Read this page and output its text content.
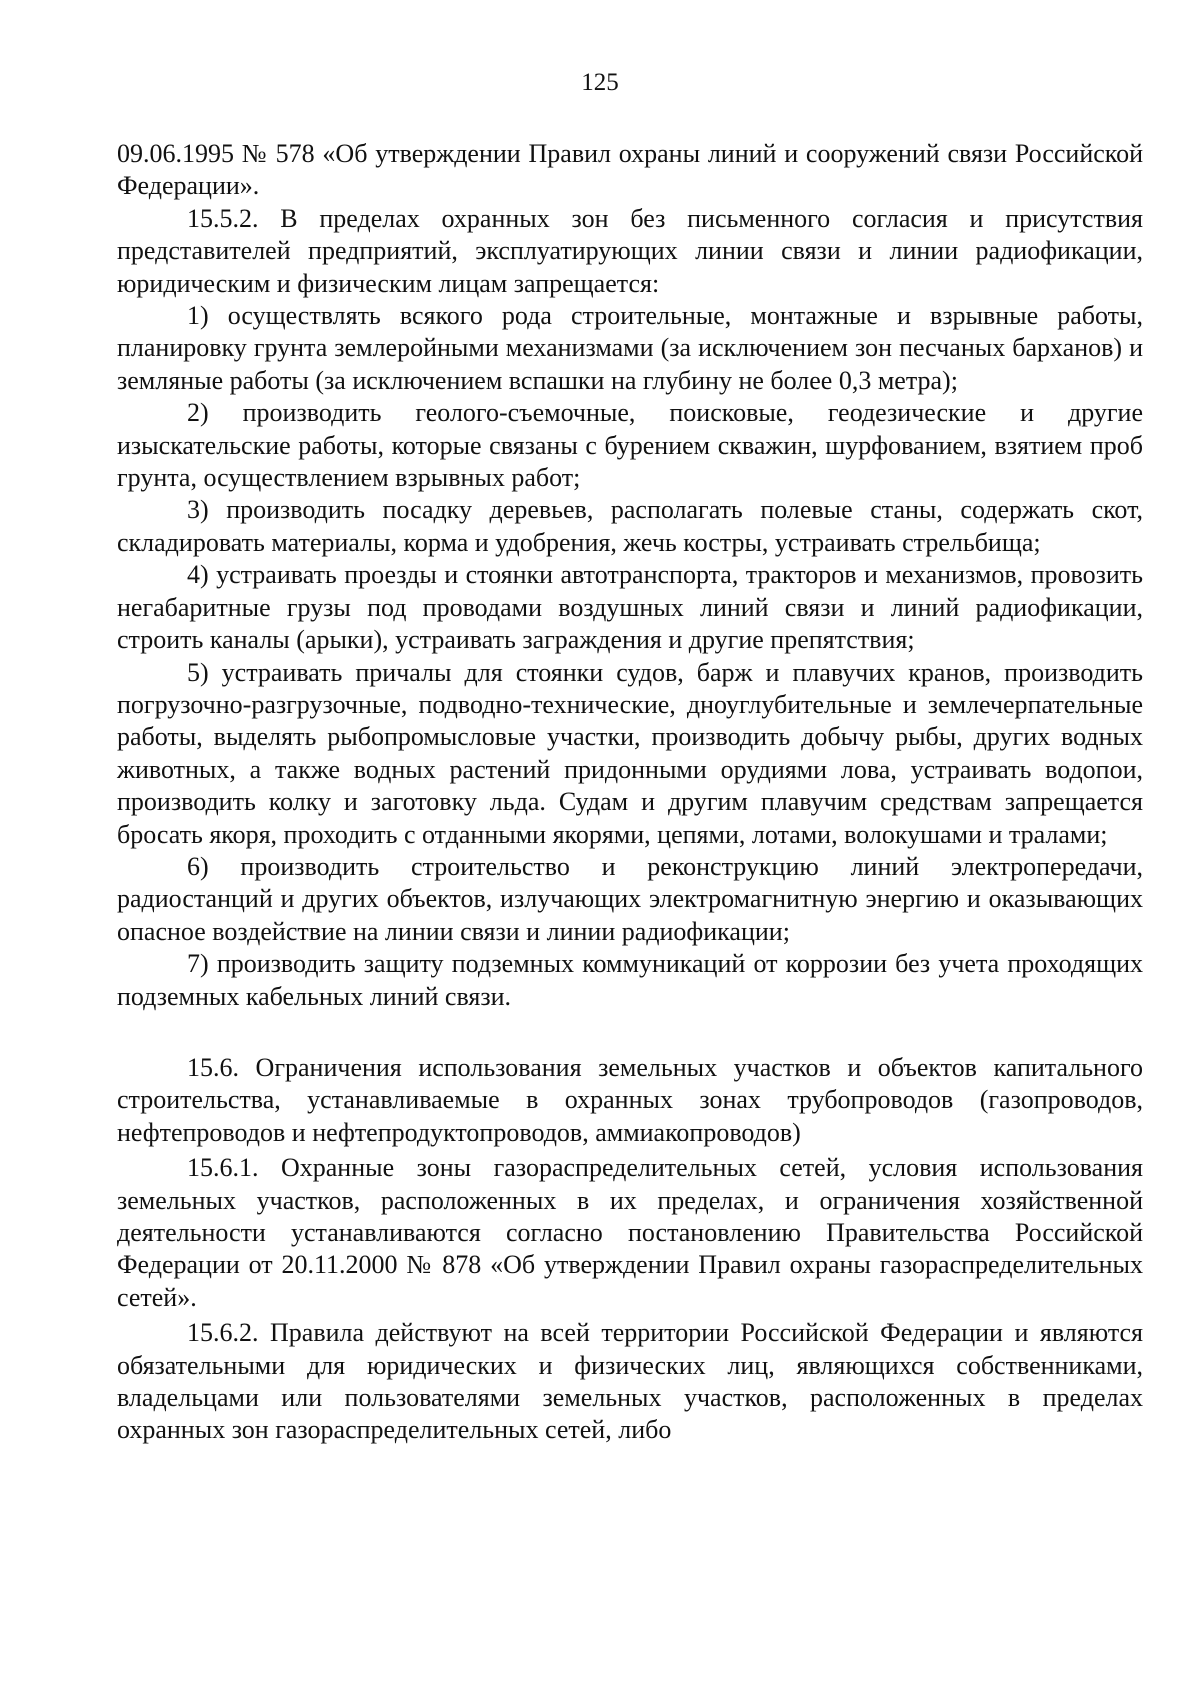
125

09.06.1995 № 578 «Об утверждении Правил охраны линий и сооружений связи Российской Федерации».

15.5.2. В пределах охранных зон без письменного согласия и присутствия представителей предприятий, эксплуатирующих линии связи и линии радиофикации, юридическим и физическим лицам запрещается:

1) осуществлять всякого рода строительные, монтажные и взрывные работы, планировку грунта землеройными механизмами (за исключением зон песчаных барханов) и земляные работы (за исключением вспашки на глубину не более 0,3 метра);

2) производить геолого-съемочные, поисковые, геодезические и другие изыскательские работы, которые связаны с бурением скважин, шурфованием, взятием проб грунта, осуществлением взрывных работ;

3) производить посадку деревьев, располагать полевые станы, содержать скот, складировать материалы, корма и удобрения, жечь костры, устраивать стрельбища;

4) устраивать проезды и стоянки автотранспорта, тракторов и механизмов, провозить негабаритные грузы под проводами воздушных линий связи и линий радиофикации, строить каналы (арыки), устраивать заграждения и другие препятствия;

5) устраивать причалы для стоянки судов, барж и плавучих кранов, производить погрузочно-разгрузочные, подводно-технические, дноуглубительные и землечерпательные работы, выделять рыбопромысловые участки, производить добычу рыбы, других водных животных, а также водных растений придонными орудиями лова, устраивать водопои, производить колку и заготовку льда. Судам и другим плавучим средствам запрещается бросать якоря, проходить с отданными якорями, цепями, лотами, волокушами и тралами;

6) производить строительство и реконструкцию линий электропередачи, радиостанций и других объектов, излучающих электромагнитную энергию и оказывающих опасное воздействие на линии связи и линии радиофикации;

7) производить защиту подземных коммуникаций от коррозии без учета проходящих подземных кабельных линий связи.

15.6. Ограничения использования земельных участков и объектов капитального строительства, устанавливаемые в охранных зонах трубопроводов (газопроводов, нефтепроводов и нефтепродуктопроводов, аммиакопроводов)

15.6.1. Охранные зоны газораспределительных сетей, условия использования земельных участков, расположенных в их пределах, и ограничения хозяйственной деятельности устанавливаются согласно постановлению Правительства Российской Федерации от 20.11.2000 № 878 «Об утверждении Правил охраны газораспределительных сетей».

15.6.2. Правила действуют на всей территории Российской Федерации и являются обязательными для юридических и физических лиц, являющихся собственниками, владельцами или пользователями земельных участков, расположенных в пределах охранных зон газораспределительных сетей, либо
